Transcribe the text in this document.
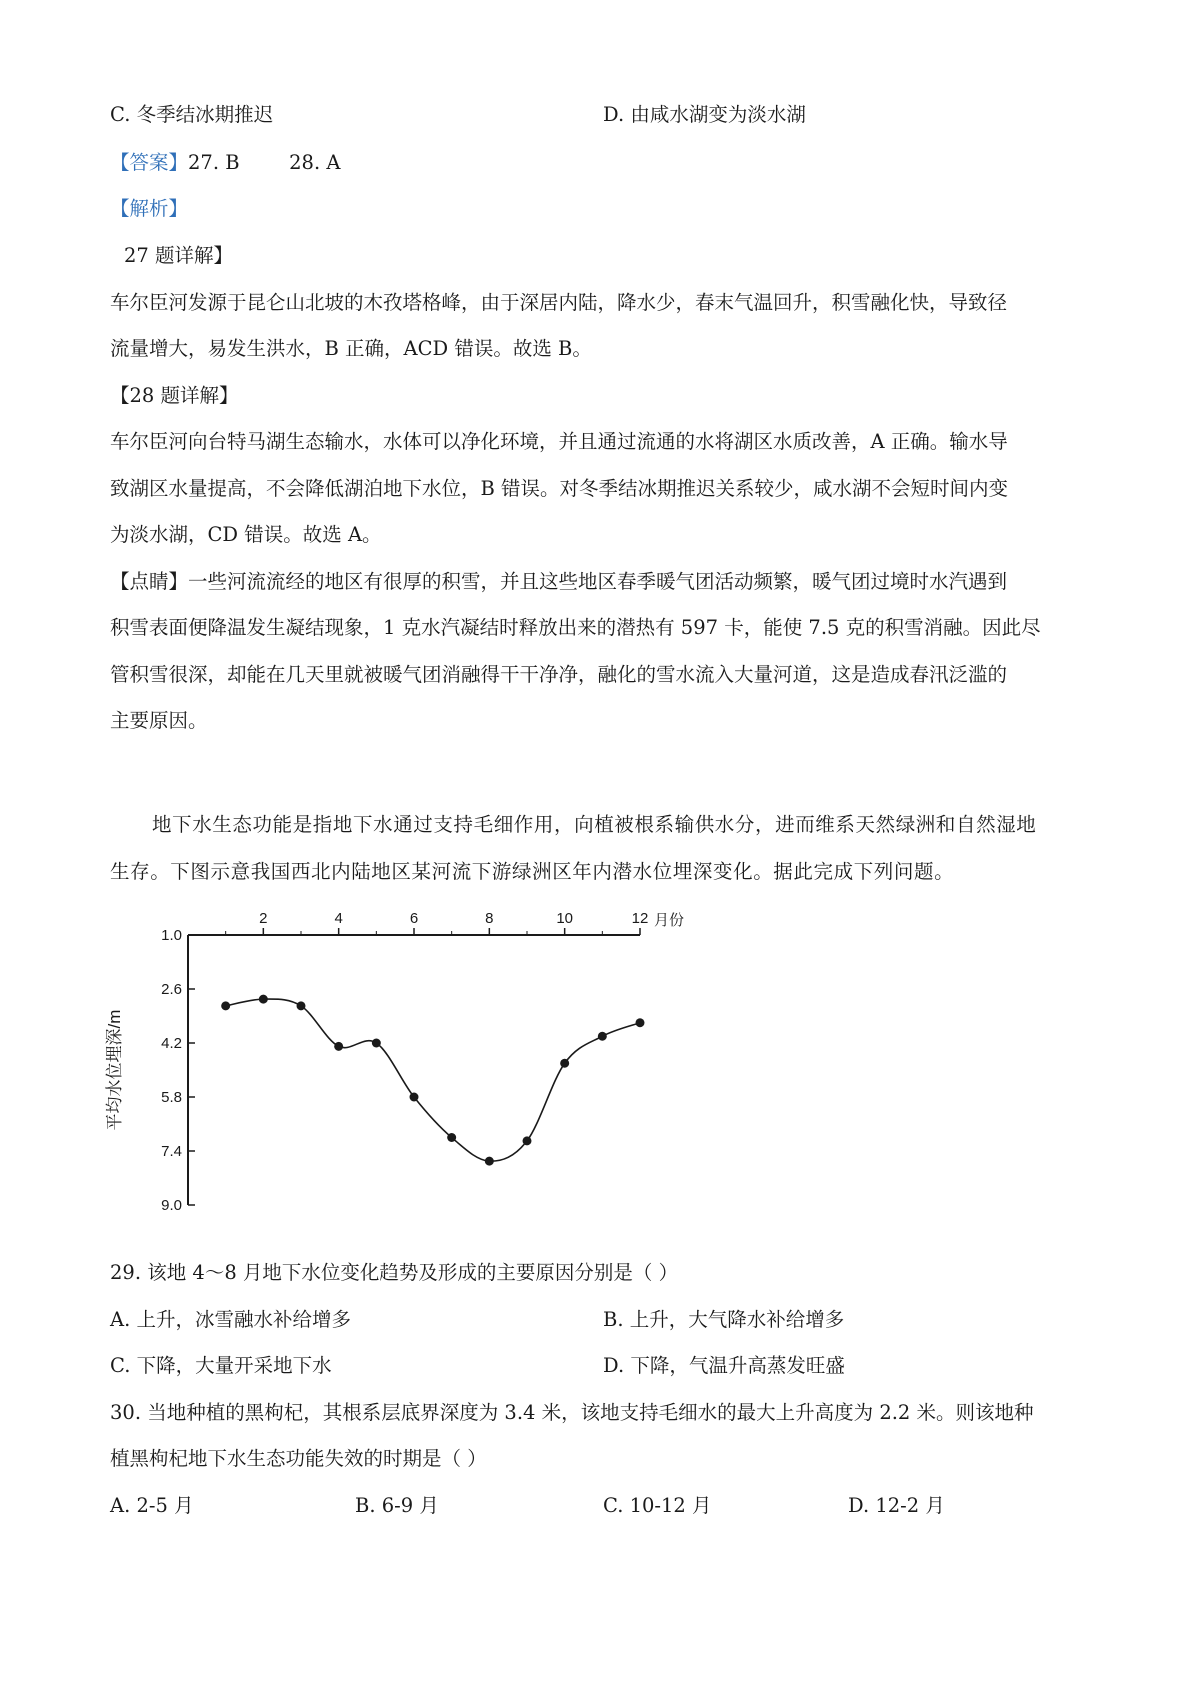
C. 冬季结冰期推迟	D. 由咸水湖变为淡水湖
【答案】27. B        28. A
【解析】
27 题详解】
车尔臣河发源于昆仑山北坡的木孜塔格峰，由于深居内陆，降水少，春末气温回升，积雪融化快，导致径
流量增大，易发生洪水，B 正确，ACD 错误。故选 B。
【28 题详解】
车尔臣河向台特马湖生态输水，水体可以净化环境，并且通过流通的水将湖区水质改善，A 正确。输水导
致湖区水量提高，不会降低湖泊地下水位，B 错误。对冬季结冰期推迟关系较少，咸水湖不会短时间内变
为淡水湖，CD 错误。故选 A。
【点睛】一些河流流经的地区有很厚的积雪，并且这些地区春季暖气团活动频繁，暖气团过境时水汽遇到
积雪表面便降温发生凝结现象，1 克水汽凝结时释放出来的潜热有 597 卡，能使 7.5 克的积雪消融。因此尽
管积雪很深，却能在几天里就被暖气团消融得干干净净，融化的雪水流入大量河道，这是造成春汛泛滥的
主要原因。
地下水生态功能是指地下水通过支持毛细作用，向植被根系输供水分，进而维系天然绿洲和自然湿地
生存。下图示意我国西北内陆地区某河流下游绿洲区年内潜水位埋深变化。据此完成下列问题。
2	4	6	8	10	12
1.0
2.6
4.2
5.8
7.4
9.0
月份
平均水位埋深/m
29. 该地 4～8 月地下水位变化趋势及形成的主要原因分别是（ ）
A. 上升，冰雪融水补给增多	B. 上升，大气降水补给增多
C. 下降，大量开采地下水	D. 下降，气温升高蒸发旺盛
30. 当地种植的黑枸杞，其根系层底界深度为 3.4 米，该地支持毛细水的最大上升高度为 2.2 米。则该地种
植黑枸杞地下水生态功能失效的时期是（ ）
A. 2-5 月	B. 6-9 月	C. 10-12 月	D. 12-2 月
